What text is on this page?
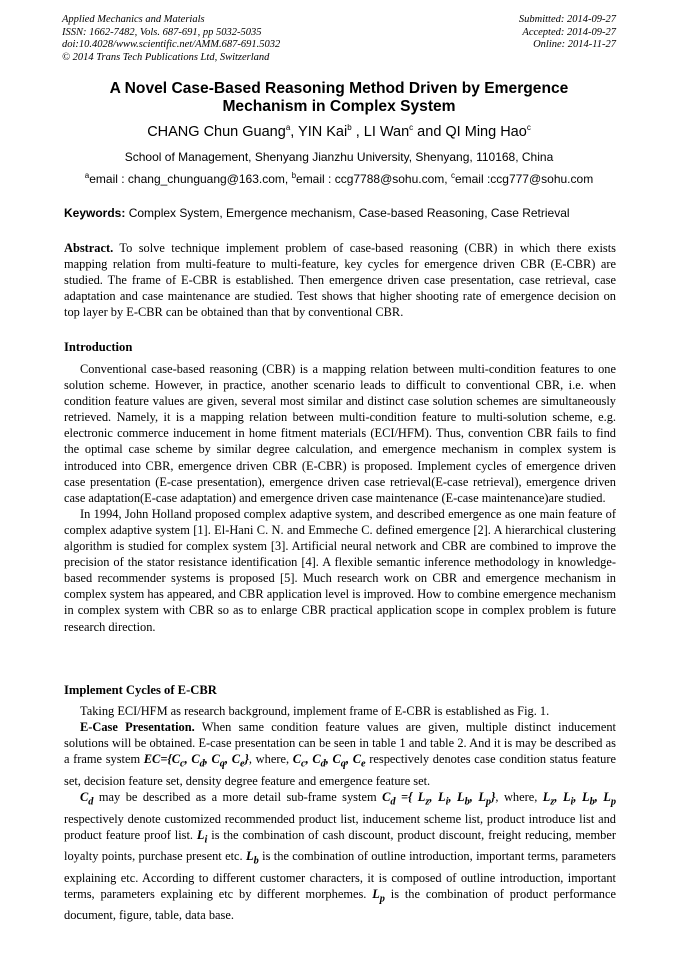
Applied Mechanics and Materials
ISSN: 1662-7482, Vols. 687-691, pp 5032-5035
doi:10.4028/www.scientific.net/AMM.687-691.5032
© 2014 Trans Tech Publications Ltd, Switzerland
Submitted: 2014-09-27
Accepted: 2014-09-27
Online: 2014-11-27
A Novel Case-Based Reasoning Method Driven by Emergence
Mechanism in Complex System
CHANG Chun Guang$^a$, YIN Kai$^b$ , LI Wan$^c$ and QI Ming Hao$^c$
School of Management, Shenyang Jianzhu University, Shenyang, 110168, China
$^a$email : chang_chunguang@163.com, $^b$email : ccg7788@sohu.com, $^c$email :ccg777@sohu.com
Keywords: Complex System, Emergence mechanism, Case-based Reasoning, Case Retrieval

Abstract. To solve technique implement problem of case-based reasoning (CBR) in which there exists mapping relation from multi-feature to multi-feature, key cycles for emergence driven CBR (E-CBR) are studied. The frame of E-CBR is established. Then emergence driven case presentation, case retrieval, case adaptation and case maintenance are studied. Test shows that higher shooting rate of emergence decision on top layer by E-CBR can be obtained than that by conventional CBR.

Introduction

Conventional case-based reasoning (CBR) is a mapping relation between multi-condition features to one solution scheme. However, in practice, another scenario leads to difficult to conventional CBR, i.e. when condition feature values are given, several most similar and distinct case solution schemes are simultaneously retrieved. Namely, it is a mapping relation between multi-condition feature to multi-solution scheme, e.g. electronic commerce inducement in home fitment materials (ECI/HFM). Thus, convention CBR fails to find the optimal case scheme by similar degree calculation, and emergence mechanism in complex system is introduced into CBR, emergence driven CBR (E-CBR) is proposed. Implement cycles of emergence driven case presentation (E-case presentation), emergence driven case retrieval(E-case retrieval), emergence driven case adaptation(E-case adaptation) and emergence driven case maintenance (E-case maintenance)are studied.

In 1994, John Holland proposed complex adaptive system, and described emergence as one main feature of complex adaptive system [1]. El-Hani C. N. and Emmeche C. defined emergence [2]. A hierarchical clustering algorithm is studied for complex system [3]. Artificial neural network and CBR are combined to improve the precision of the stator resistance identification [4]. A flexible semantic inference methodology in knowledge-based recommender systems is proposed [5]. Much research work on CBR and emergence mechanism in complex system has appeared, and CBR application level is improved. How to combine emergence mechanism in complex system with CBR so as to enlarge CBR practical application scope in complex problem is future research direction.

Implement Cycles of E-CBR

Taking ECI/HFM as research background, implement frame of E-CBR is established as Fig. 1.

E-Case Presentation. When same condition feature values are given, multiple distinct inducement solutions will be obtained. E-case presentation can be seen in table 1 and table 2. And it is may be described as a frame system $EC=\{C_c$, $C_d$, $C_q$, $C_e$}, where, $C_c$, $C_d$, $C_q$, $C_e$ respectively denotes case condition status feature set, decision feature set, density degree feature and emergence feature set.

$C_d$ may be described as a more detail sub-frame system $C_d$ ={ $L_z$, $L_i$, $L_b$, $L_p$}, where, $L_z$, $L_i$, $L_b$, $L_p$ respectively denote customized recommended product list, inducement scheme list, product introduce list and product feature proof list. $L_i$ is the combination of cash discount, product discount, freight reducing, member loyalty points, purchase present etc. $L_b$ is the combination of outline introduction, important terms, parameters explaining etc. According to different customer characters, it is composed of outline introduction, important terms, parameters explaining etc by different morphemes. $L_p$ is the combination of product performance document, figure, table, data base.
